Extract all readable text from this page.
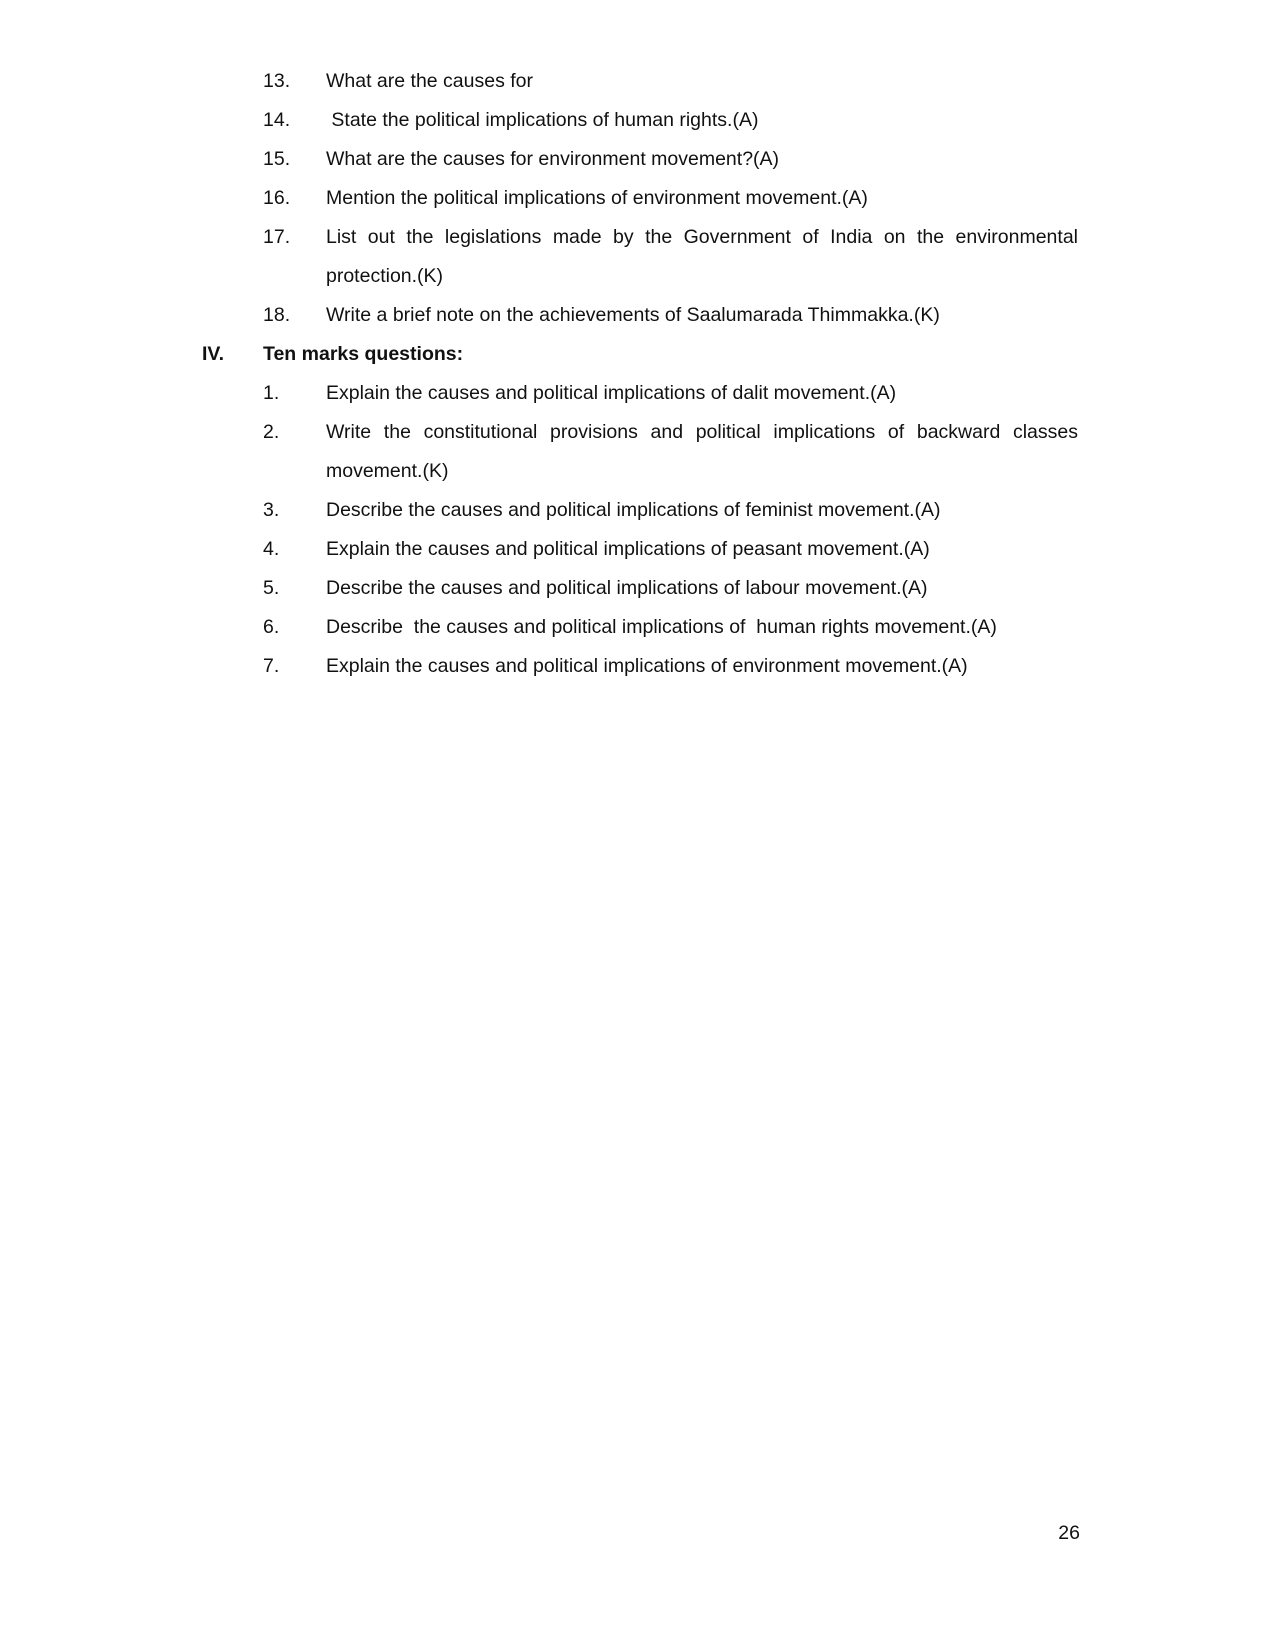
13.	What are the causes for
14.	State the political implications of human rights.(A)
15.	What are the causes for environment movement?(A)
16.	Mention the political implications of environment movement.(A)
17.	List out the legislations made by the Government of India on the environmental protection.(K)
18.	Write a brief note on the achievements of Saalumarada Thimmakka.(K)
IV. Ten marks questions:
1.	Explain the causes and political implications of dalit movement.(A)
2.	Write the constitutional provisions and political implications of backward classes movement.(K)
3.	Describe the causes and political implications of feminist movement.(A)
4.	Explain the causes and political implications of peasant movement.(A)
5.	Describe the causes and political implications of labour movement.(A)
6.	Describe  the causes and political implications of  human rights movement.(A)
7.	Explain the causes and political implications of environment movement.(A)
26
